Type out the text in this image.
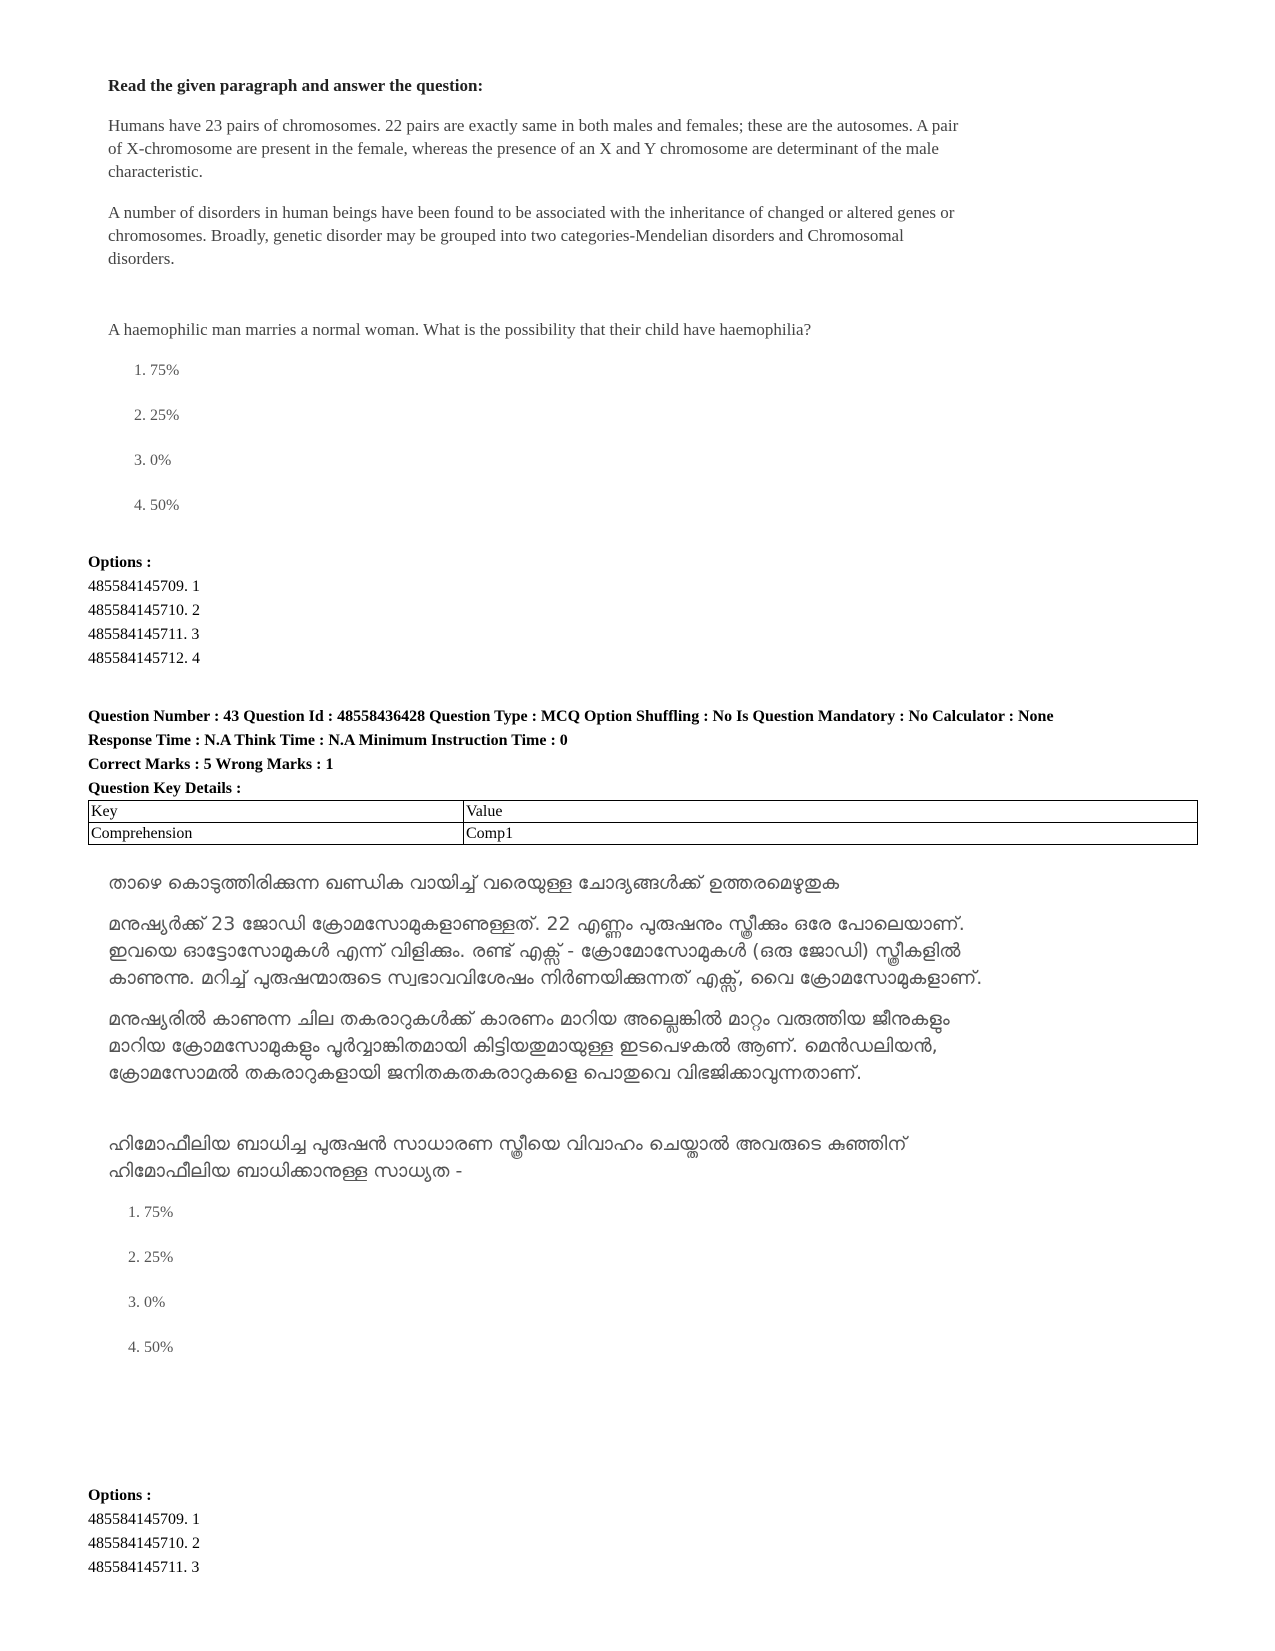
Read the given paragraph and answer the question:

Humans have 23 pairs of chromosomes. 22 pairs are exactly same in both males and females; these are the autosomes. A pair of X-chromosome are present in the female, whereas the presence of an X and Y chromosome are determinant of the male characteristic.

A number of disorders in human beings have been found to be associated with the inheritance of changed or altered genes or chromosomes. Broadly, genetic disorder may be grouped into two categories-Mendelian disorders and Chromosomal disorders.

A haemophilic man marries a normal woman. What is the possibility that their child have haemophilia?

1. 75%
2. 25%
3. 0%
4. 50%
Options :
485584145709. 1
485584145710. 2
485584145711. 3
485584145712. 4
Question Number : 43 Question Id : 48558436428 Question Type : MCQ Option Shuffling : No Is Question Mandatory : No Calculator : None
Response Time : N.A Think Time : N.A Minimum Instruction Time : 0
Correct Marks : 5 Wrong Marks : 1
Question Key Details :
Key	Value
Comprehension	Comp1
താഴെ കൊടുത്തിരിക്കുന്ന ഖണ്ഡിക വായിച്ച് വരെയുള്ള ചോദ്യങ്ങൾക്ക് ഉത്തരമെഴുതുക
മനുഷ്യർക്ക് 23 ജോഡി ക്രോമസോമുകളാണുള്ളത്. 22 എണ്ണം പുരുഷനും സ്ത്രീക്കും ഒരേ പോലെയാണ്. ഇവയെ ഓട്ടോസോമുകൾ എന്ന് വിളിക്കും. രണ്ട് എക്സ് - ക്രോമോസോമുകൾ (ഒരു ജോഡി) സ്ത്രീകളിൽ കാണുന്നു. മറിച്ച് പുരുഷന്മാരുടെ സ്വഭാവവിശേഷം നിർണയിക്കുന്നത് എക്സ്, വൈ ക്രോമസോമുകളാണ്.
മനുഷ്യരിൽ കാണുന്ന ചില തകരാറുകൾക്ക് കാരണം മാറിയ അല്ലെങ്കിൽ മാറ്റം വരുത്തിയ ജീനുകളും മാറിയ ക്രോമസോമുകളും പൂർവ്വാങ്കിതമായി കിട്ടിയതുമായുള്ള ഇടപെഴകൽ ആണ്. മെൻഡലിയൻ, ക്രോമസോമൽ തകരാറുകളായി ജനിതകതകരാറുകളെ പൊതുവെ വിഭജിക്കാവുന്നതാണ്.
ഹിമോഫീലിയ ബാധിച്ച പുരുഷൻ സാധാരണ സ്ത്രീയെ വിവാഹം ചെയ്താൽ അവരുടെ കുഞ്ഞിന് ഹിമോഫീലിയ ബാധിക്കാനുള്ള സാധ്യത -
1. 75%
2. 25%
3. 0%
4. 50%
Options :
485584145709. 1
485584145710. 2
485584145711. 3
